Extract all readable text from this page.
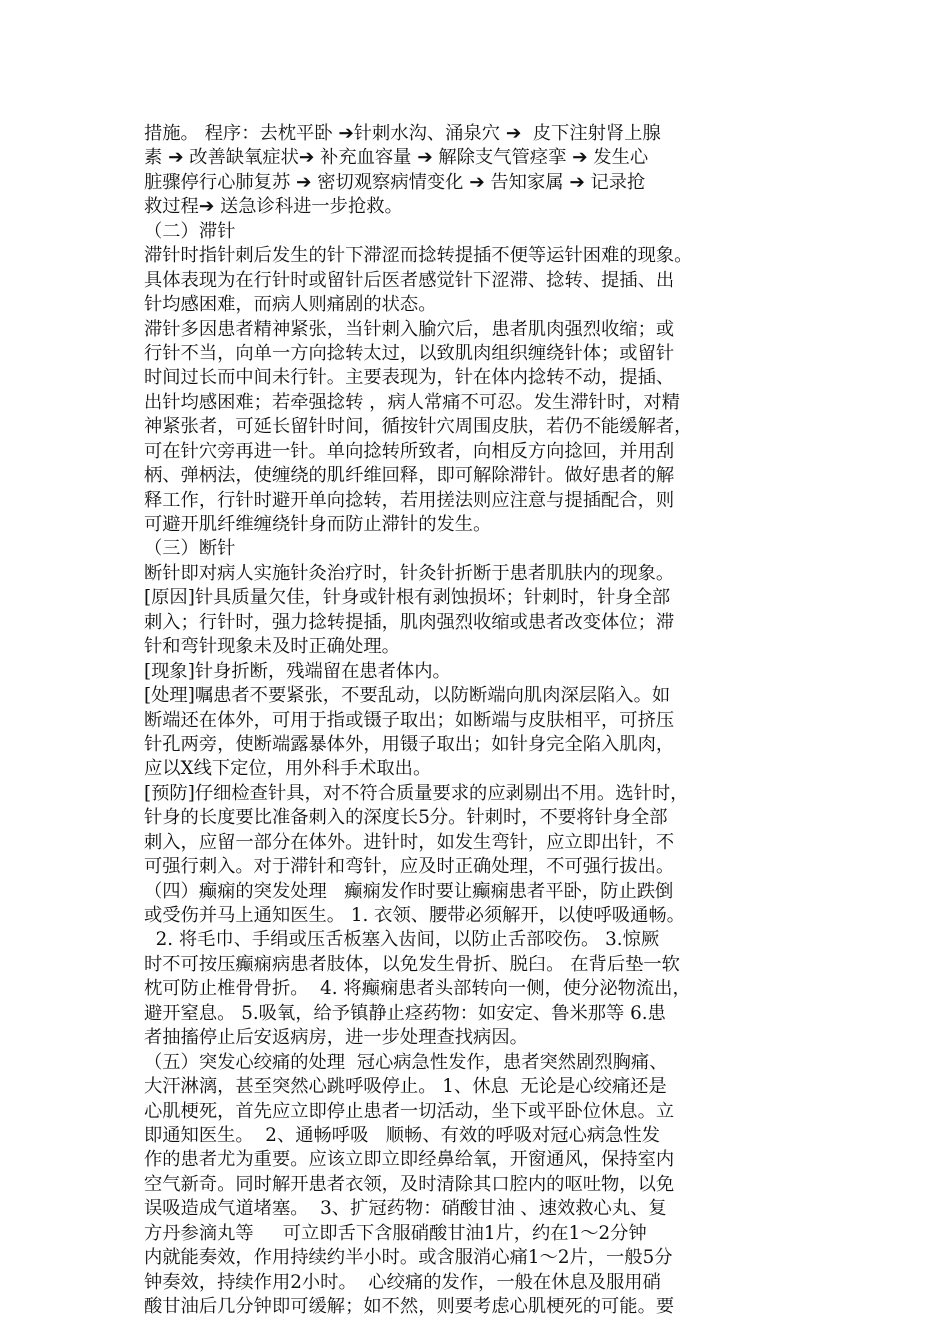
措施。 程序：去枕平卧 ➔针刺水沟、涌泉穴 ➔  皮下注射肾上腺
素 ➔ 改善缺氧症状➔ 补充血容量 ➔ 解除支气管痉挛 ➔ 发生心
脏骤停行心肺复苏 ➔ 密切观察病情变化 ➔ 告知家属 ➔ 记录抢
救过程➔ 送急诊科进一步抢救。
（二）滞针
滞针时指针刺后发生的针下滞涩而捻转提插不便等运针困难的现象。
具体表现为在行针时或留针后医者感觉针下涩滞、捻转、提插、出
针均感困难，而病人则痛剧的状态。
滞针多因患者精神紧张，当针刺入腧穴后，患者肌肉强烈收缩；或
行针不当，向单一方向捻转太过，以致肌肉组织缠绕针体；或留针
时间过长而中间未行针。主要表现为，针在体内捻转不动，提插、
出针均感困难；若牵强捻转 ，病人常痛不可忍。发生滞针时，对精
神紧张者，可延长留针时间，循按针穴周围皮肤，若仍不能缓解者，
可在针穴旁再进一针。单向捻转所致者，向相反方向捻回，并用刮
柄、弹柄法，使缠绕的肌纤维回释，即可解除滞针。做好患者的解
释工作，行针时避开单向捻转，若用搓法则应注意与提插配合，则
可避开肌纤维缠绕针身而防止滞针的发生。
（三）断针
断针即对病人实施针灸治疗时，针灸针折断于患者肌肤内的现象。
[原因]针具质量欠佳，针身或针根有剥蚀损坏；针刺时，针身全部
刺入；行针时，强力捻转提插，肌肉强烈收缩或患者改变体位；滞
针和弯针现象未及时正确处理。
[现象]针身折断，残端留在患者体内。
[处理]嘱患者不要紧张，不要乱动，以防断端向肌肉深层陷入。如
断端还在体外，可用于指或镊子取出；如断端与皮肤相平，可挤压
针孔两旁，使断端露暴体外，用镊子取出；如针身完全陷入肌肉，
应以X线下定位，用外科手术取出。
[预防]仔细检查针具，对不符合质量要求的应剥剔出不用。选针时，
针身的长度要比准备刺入的深度长5分。针刺时，不要将针身全部
刺入，应留一部分在体外。进针时，如发生弯针，应立即出针，不
可强行刺入。对于滞针和弯针，应及时正确处理，不可强行拔出。
（四）癫痫的突发处理   癫痫发作时要让癫痫患者平卧，防止跌倒
或受伤并马上通知医生。 1. 衣领、腰带必须解开，以使呼吸通畅。
2. 将毛巾、手绢或压舌板塞入齿间，以防止舌部咬伤。 3.惊厥
时不可按压癫痫病患者肢体，以免发生骨折、脱臼。 在背后垫一软
枕可防止椎骨骨折。  4. 将癫痫患者头部转向一侧，使分泌物流出，
避开窒息。 5.吸氧，给予镇静止痉药物：如安定、鲁米那等 6.患
者抽搐停止后安返病房，进一步处理查找病因。
（五）突发心绞痛的处理  冠心病急性发作，患者突然剧烈胸痛、
大汗淋漓，甚至突然心跳呼吸停止。 1、休息  无论是心绞痛还是
心肌梗死，首先应立即停止患者一切活动，坐下或平卧位休息。立
即通知医生。  2、通畅呼吸   顺畅、有效的呼吸对冠心病急性发
作的患者尤为重要。应该立即立即经鼻给氧，开窗通风，保持室内
空气新奇。同时解开患者衣领，及时清除其口腔内的呕吐物，以免
误吸造成气道堵塞。  3、扩冠药物：硝酸甘油 、速效救心丸、复
方丹参滴丸等     可立即舌下含服硝酸甘油1片，约在1～2分钟
内就能奏效，作用持续约半小时。或含服消心痛1～2片，一般5分
钟奏效，持续作用2小时。  心绞痛的发作，一般在休息及服用硝
酸甘油后几分钟即可缓解；如不然，则要考虑心肌梗死的可能。要
